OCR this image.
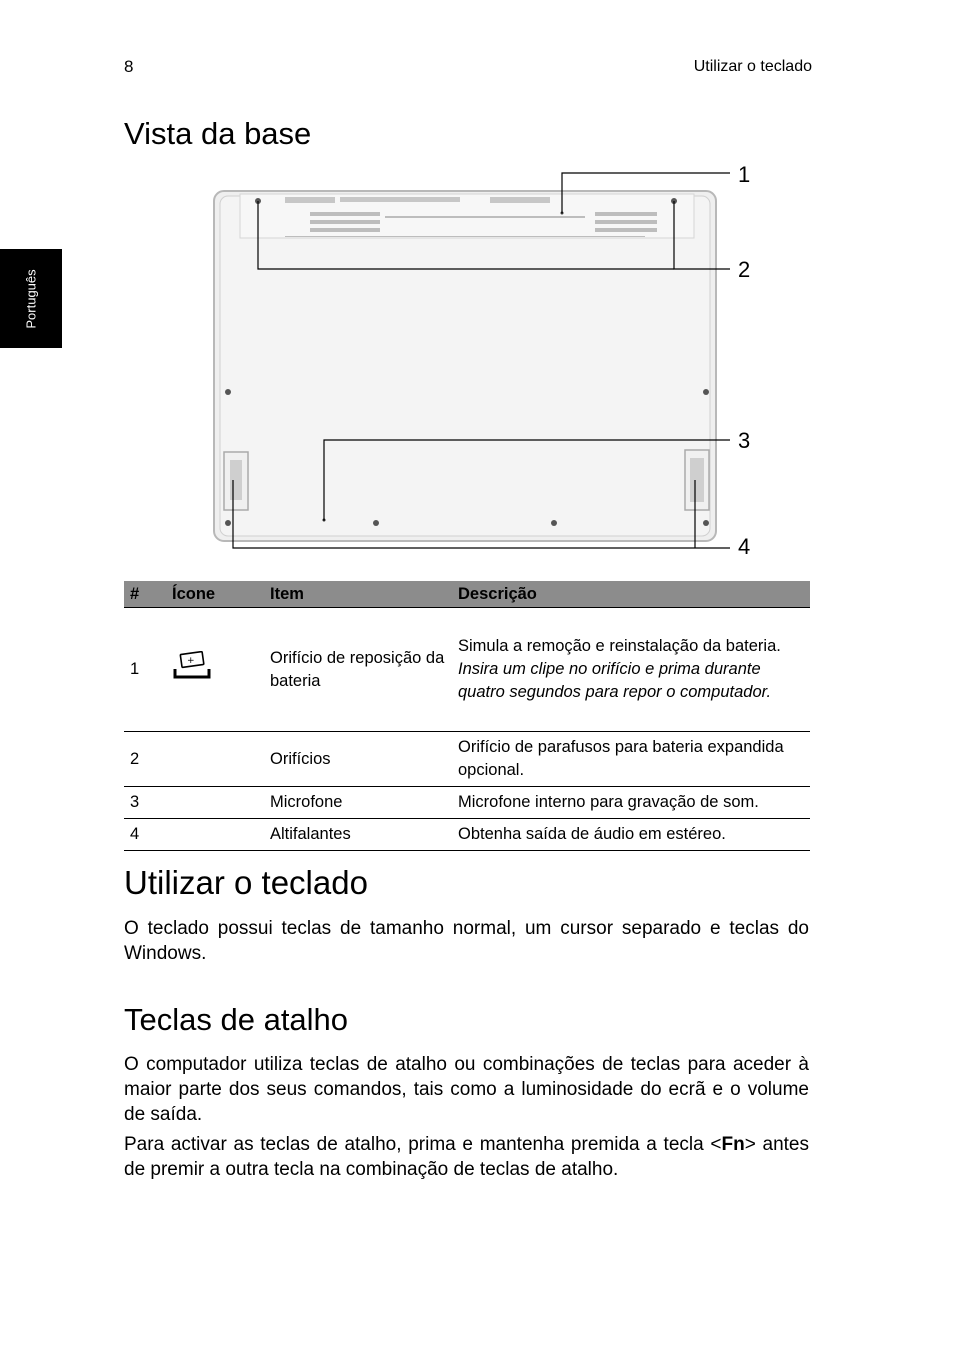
8	Utilizar o teclado
Português
Vista da base
1
2
3
4
#	Ícone	Item	Descrição
1	+	Orifício de reposição da bateria	Simula a remoção e reinstalação da bateria.
Insira um clipe no orifício e prima durante quatro segundos para repor o computador.

2		Orifícios	Orifício de parafusos para bateria expandida opcional.
3		Microfone	Microfone interno para gravação de som.
4		Altifalantes	Obtenha saída de áudio em estéreo.
Utilizar o teclado

O teclado possui teclas de tamanho normal, um cursor separado e teclas do Windows.

Teclas de atalho

O computador utiliza teclas de atalho ou combinações de teclas para aceder à maior parte dos seus comandos, tais como a luminosidade do ecrã e o volume de saída.

Para activar as teclas de atalho, prima e mantenha premida a tecla <Fn> antes de premir a outra tecla na combinação de teclas de atalho.
